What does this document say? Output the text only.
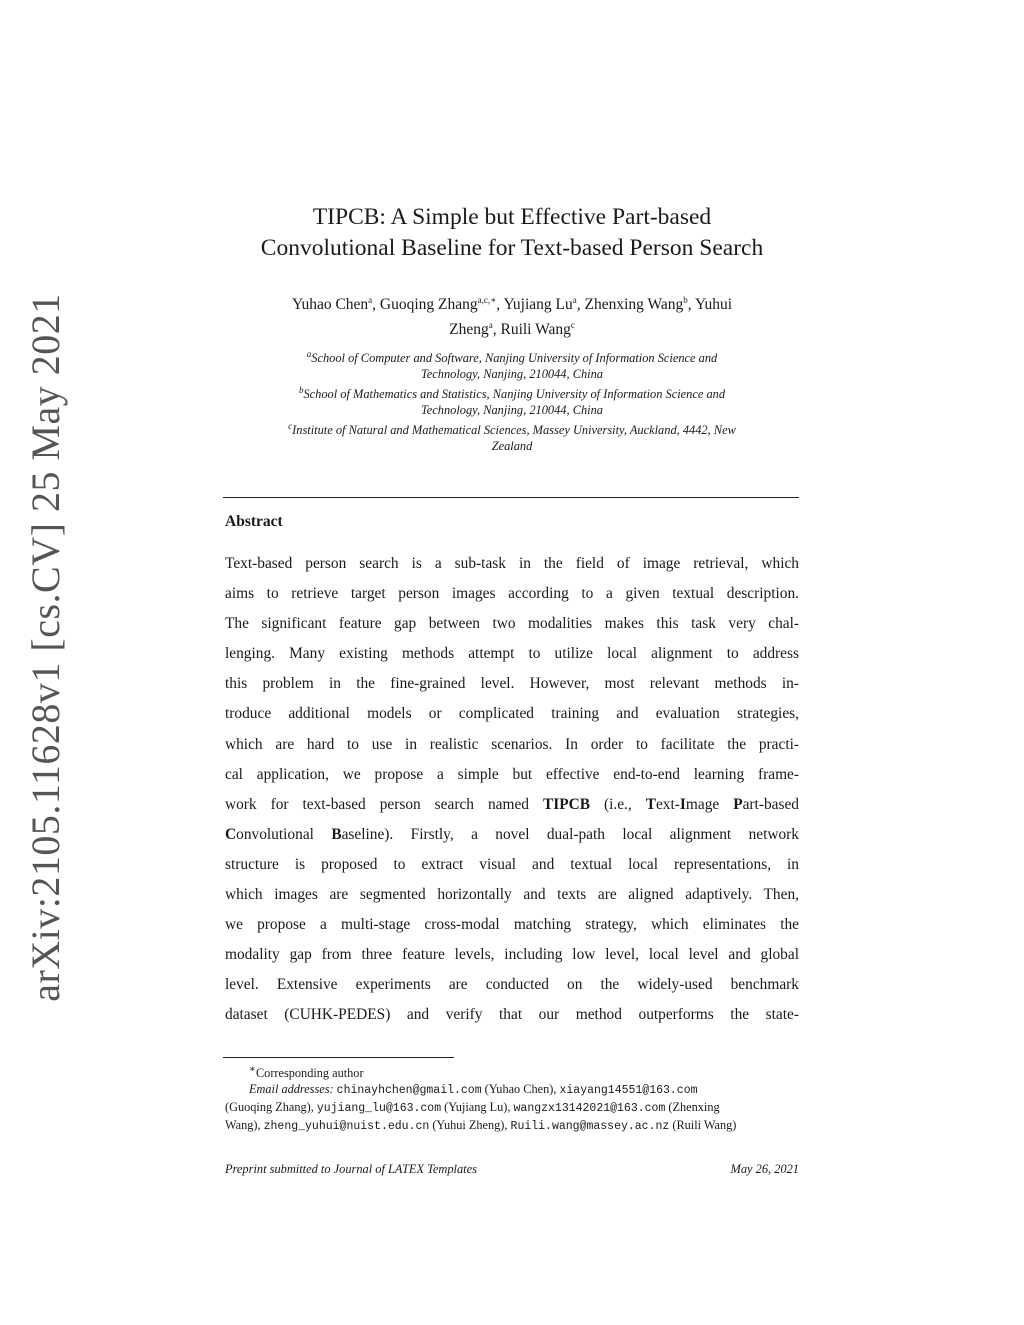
arXiv:2105.11628v1 [cs.CV] 25 May 2021
TIPCB: A Simple but Effective Part-based
Convolutional Baseline for Text-based Person Search
Yuhao Chen$^a$, Guoqing Zhang$^{a,c,∗}$, Yujiang Lu$^a$, Zhenxing Wang$^b$, Yuhui
Zheng$^a$, Ruili Wang$^c$
$^a$School of Computer and Software, Nanjing University of Information Science and
Technology, Nanjing, 210044, China
$^b$School of Mathematics and Statistics, Nanjing University of Information Science and
Technology, Nanjing, 210044, China
$^c$Institute of Natural and Mathematical Sciences, Massey University, Auckland, 4442, New
Zealand
Abstract
Text-based person search is a sub-task in the field of image retrieval, which
aims to retrieve target person images according to a given textual description.
The significant feature gap between two modalities makes this task very chal-
lenging. Many existing methods attempt to utilize local alignment to address
this problem in the fine-grained level. However, most relevant methods in-
troduce additional models or complicated training and evaluation strategies,
which are hard to use in realistic scenarios. In order to facilitate the practi-
cal application, we propose a simple but effective end-to-end learning frame-
work for text-based person search named TIPCB (i.e., Text-Image Part-based
Convolutional Baseline). Firstly, a novel dual-path local alignment network
structure is proposed to extract visual and textual local representations, in
which images are segmented horizontally and texts are aligned adaptively. Then,
we propose a multi-stage cross-modal matching strategy, which eliminates the
modality gap from three feature levels, including low level, local level and global
level. Extensive experiments are conducted on the widely-used benchmark
dataset (CUHK-PEDES) and verify that our method outperforms the state-
∗Corresponding author
Email addresses: chinayhchen@gmail.com (Yuhao Chen), xiayang14551@163.com
(Guoqing Zhang), yujiang_lu@163.com (Yujiang Lu), wangzx13142021@163.com (Zhenxing
Wang), zheng_yuhui@nuist.edu.cn (Yuhui Zheng), Ruili.wang@massey.ac.nz (Ruili Wang)
Preprint submitted to Journal of LATEX Templates	May 26, 2021
